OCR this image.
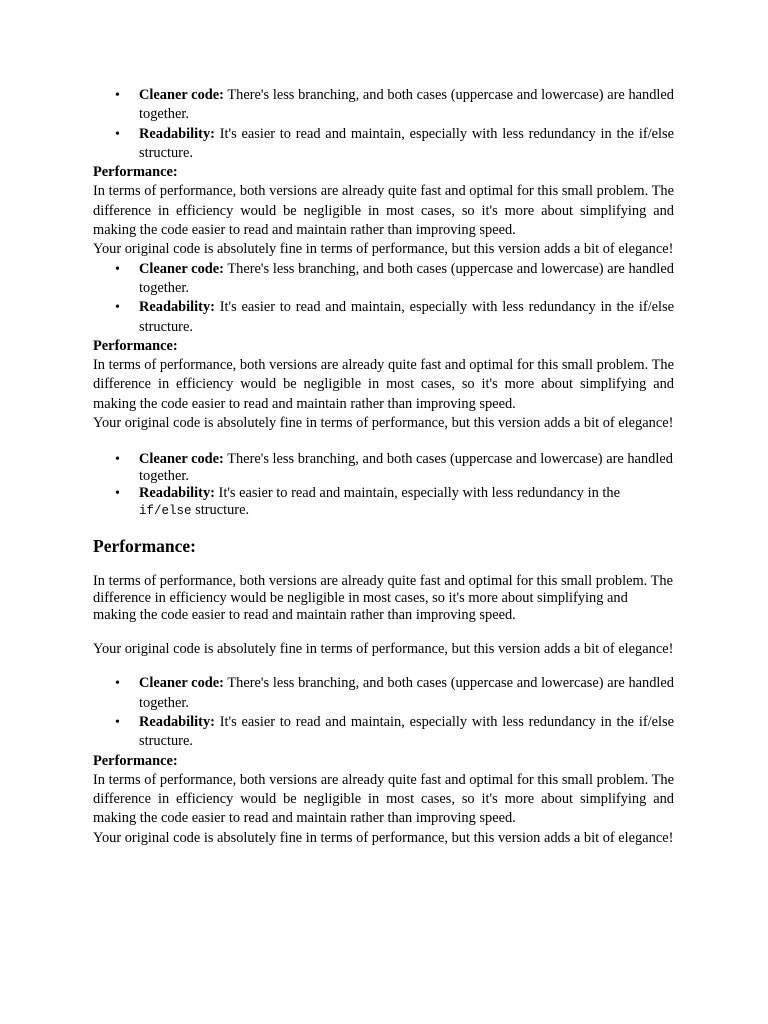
• Cleaner code: There's less branching, and both cases (uppercase and lowercase) are handled together.
• Readability: It's easier to read and maintain, especially with less redundancy in the if/else structure.

Performance:

In terms of performance, both versions are already quite fast and optimal for this small problem. The difference in efficiency would be negligible in most cases, so it's more about simplifying and making the code easier to read and maintain rather than improving speed.

Your original code is absolutely fine in terms of performance, but this version adds a bit of elegance!

• Cleaner code: There's less branching, and both cases (uppercase and lowercase) are handled together.
• Readability: It's easier to read and maintain, especially with less redundancy in the if/else structure.

Performance:

In terms of performance, both versions are already quite fast and optimal for this small problem. The difference in efficiency would be negligible in most cases, so it's more about simplifying and making the code easier to read and maintain rather than improving speed.

Your original code is absolutely fine in terms of performance, but this version adds a bit of elegance!

• Cleaner code: There's less branching, and both cases (uppercase and lowercase) are handled together.
• Readability: It's easier to read and maintain, especially with less redundancy in the if/else structure.
Performance:

In terms of performance, both versions are already quite fast and optimal for this small problem. The difference in efficiency would be negligible in most cases, so it's more about simplifying and making the code easier to read and maintain rather than improving speed.

Your original code is absolutely fine in terms of performance, but this version adds a bit of elegance!

• Cleaner code: There's less branching, and both cases (uppercase and lowercase) are handled together.
• Readability: It's easier to read and maintain, especially with less redundancy in the if/else structure.

Performance:

In terms of performance, both versions are already quite fast and optimal for this small problem. The difference in efficiency would be negligible in most cases, so it's more about simplifying and making the code easier to read and maintain rather than improving speed.

Your original code is absolutely fine in terms of performance, but this version adds a bit of elegance!
